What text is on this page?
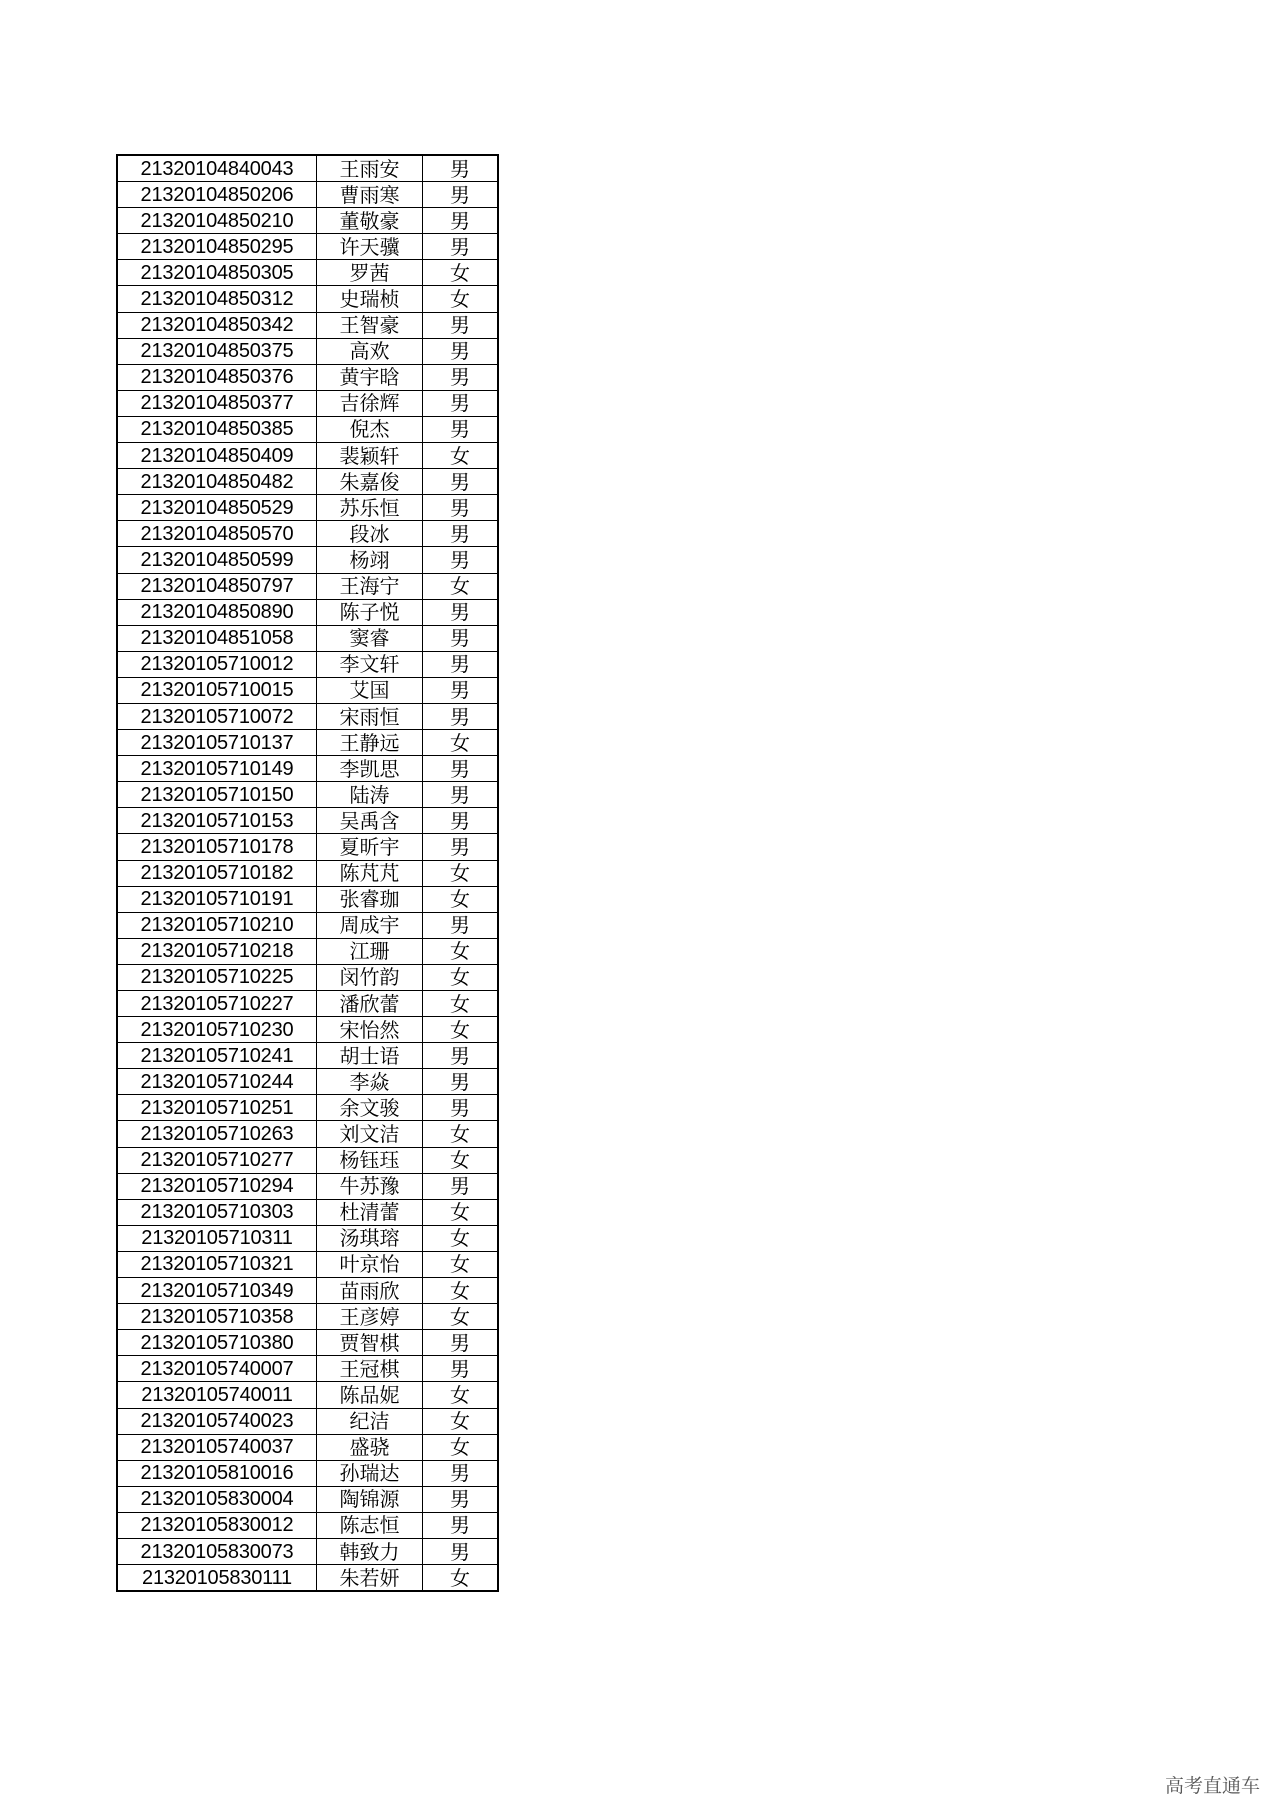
21320104840043	王雨安	男
21320104850206	曹雨寒	男
21320104850210	董敬豪	男
21320104850295	许天骥	男
21320104850305	罗茜	女
21320104850312	史瑞桢	女
21320104850342	王智豪	男
21320104850375	高欢	男
21320104850376	黄宇晗	男
21320104850377	吉徐辉	男
21320104850385	倪杰	男
21320104850409	裴颖轩	女
21320104850482	朱嘉俊	男
21320104850529	苏乐恒	男
21320104850570	段冰	男
21320104850599	杨翊	男
21320104850797	王海宁	女
21320104850890	陈子悦	男
21320104851058	窦睿	男
21320105710012	李文轩	男
21320105710015	艾国	男
21320105710072	宋雨恒	男
21320105710137	王静远	女
21320105710149	李凯思	男
21320105710150	陆涛	男
21320105710153	吴禹含	男
21320105710178	夏昕宇	男
21320105710182	陈芃芃	女
21320105710191	张睿珈	女
21320105710210	周成宇	男
21320105710218	江珊	女
21320105710225	闵竹韵	女
21320105710227	潘欣蕾	女
21320105710230	宋怡然	女
21320105710241	胡士语	男
21320105710244	李焱	男
21320105710251	余文骏	男
21320105710263	刘文洁	女
21320105710277	杨钰珏	女
21320105710294	牛苏豫	男
21320105710303	杜清蕾	女
21320105710311	汤琪瑢	女
21320105710321	叶京怡	女
21320105710349	苗雨欣	女
21320105710358	王彦婷	女
21320105710380	贾智棋	男
21320105740007	王冠棋	男
21320105740011	陈品妮	女
21320105740023	纪洁	女
21320105740037	盛骁	女
21320105810016	孙瑞达	男
21320105830004	陶锦源	男
21320105830012	陈志恒	男
21320105830073	韩致力	男
21320105830111	朱若妍	女
高考直通车
